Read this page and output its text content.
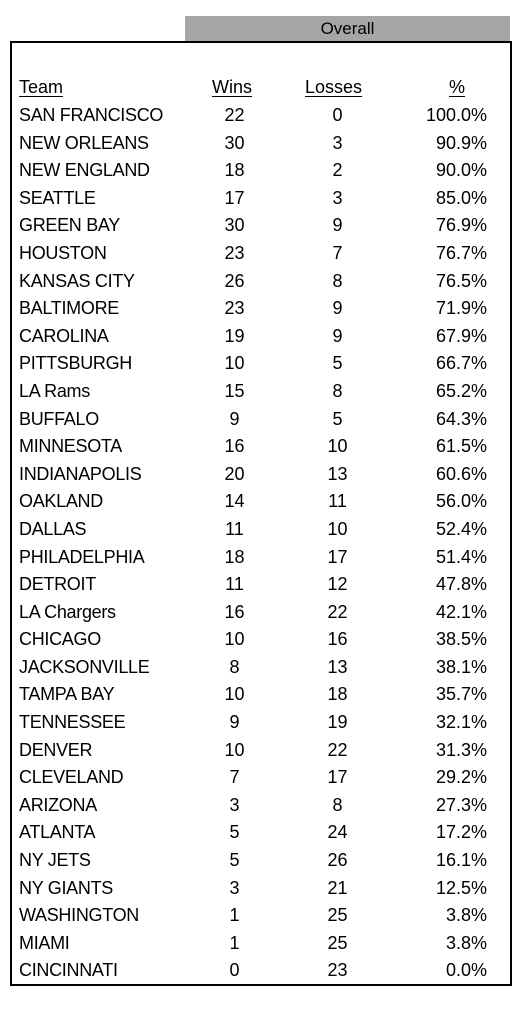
Overall
Team	Wins	Losses	%
SAN FRANCISCO	22	0	100.0%
NEW ORLEANS	30	3	90.9%
NEW ENGLAND	18	2	90.0%
SEATTLE	17	3	85.0%
GREEN BAY	30	9	76.9%
HOUSTON	23	7	76.7%
KANSAS CITY	26	8	76.5%
BALTIMORE	23	9	71.9%
CAROLINA	19	9	67.9%
PITTSBURGH	10	5	66.7%
LA Rams	15	8	65.2%
BUFFALO	9	5	64.3%
MINNESOTA	16	10	61.5%
INDIANAPOLIS	20	13	60.6%
OAKLAND	14	11	56.0%
DALLAS	11	10	52.4%
PHILADELPHIA	18	17	51.4%
DETROIT	11	12	47.8%
LA Chargers	16	22	42.1%
CHICAGO	10	16	38.5%
JACKSONVILLE	8	13	38.1%
TAMPA BAY	10	18	35.7%
TENNESSEE	9	19	32.1%
DENVER	10	22	31.3%
CLEVELAND	7	17	29.2%
ARIZONA	3	8	27.3%
ATLANTA	5	24	17.2%
NY JETS	5	26	16.1%
NY GIANTS	3	21	12.5%
WASHINGTON	1	25	3.8%
MIAMI	1	25	3.8%
CINCINNATI	0	23	0.0%
